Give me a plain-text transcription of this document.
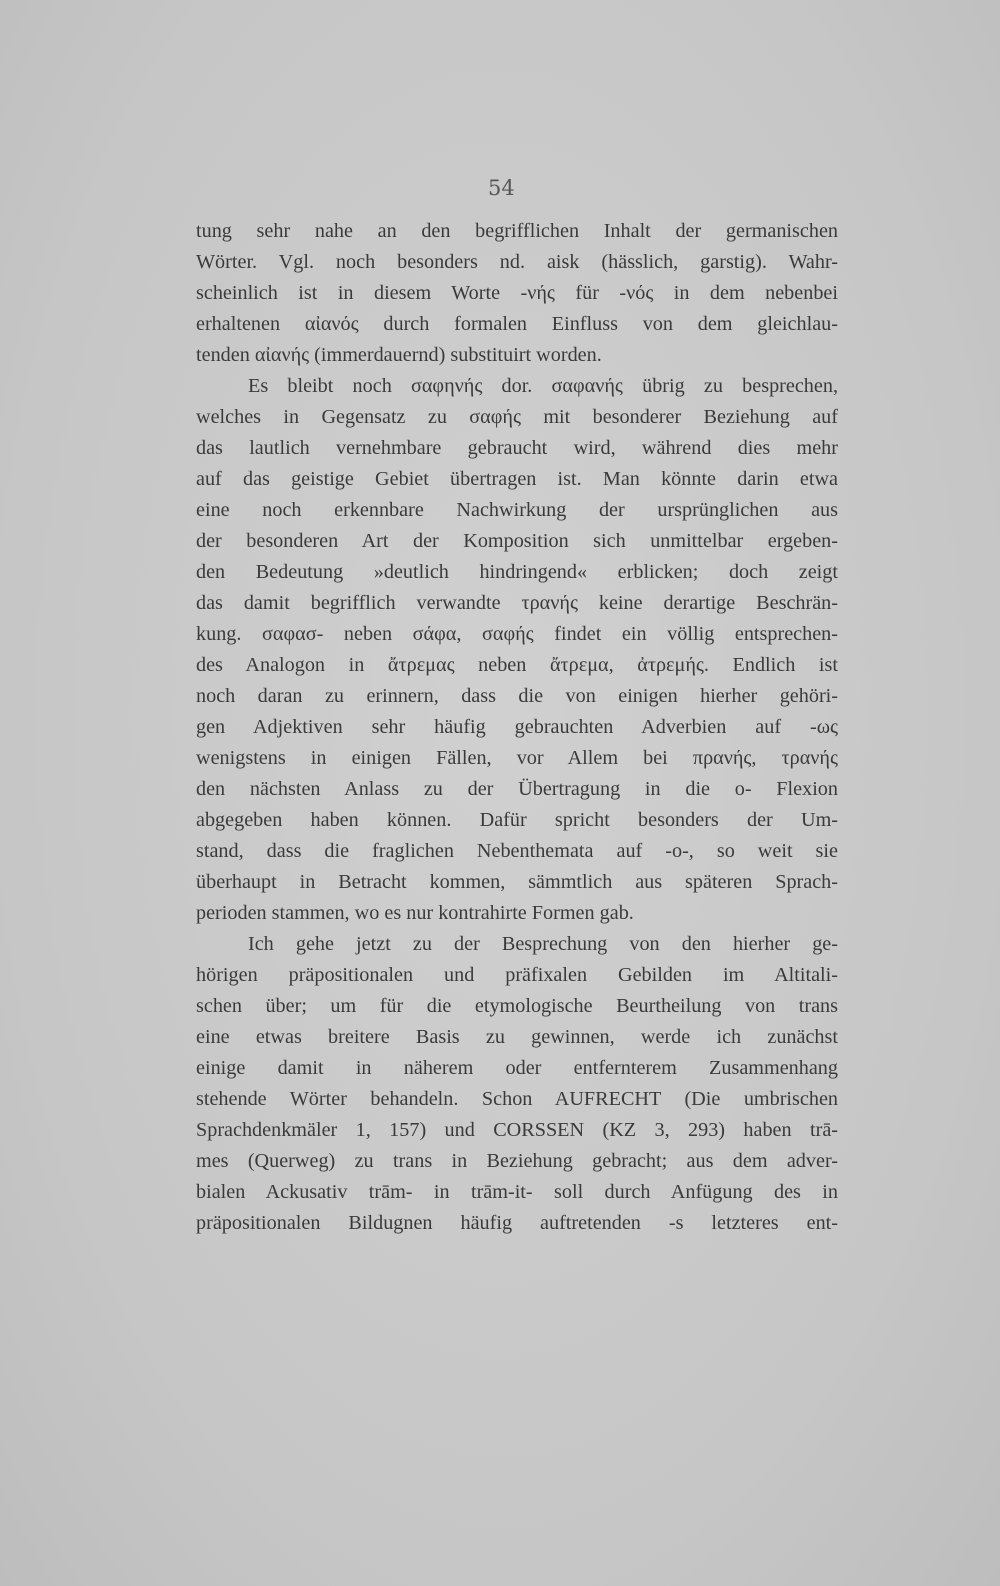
54
tung sehr nahe an den begrifflichen Inhalt der germanischen
Wörter. Vgl. noch besonders nd. aisk (hässlich, garstig). Wahr-
scheinlich ist in diesem Worte -νής für -νός in dem nebenbei
erhaltenen αἰανός durch formalen Einfluss von dem gleichlau-
tenden αἰανής (immerdauernd) substituirt worden.
Es bleibt noch σαφηνής dor. σαφανής übrig zu besprechen,
welches in Gegensatz zu σαφής mit besonderer Beziehung auf
das lautlich vernehmbare gebraucht wird, während dies mehr
auf das geistige Gebiet übertragen ist. Man könnte darin etwa
eine noch erkennbare Nachwirkung der ursprünglichen aus
der besonderen Art der Komposition sich unmittelbar ergeben-
den Bedeutung »deutlich hindringend« erblicken; doch zeigt
das damit begrifflich verwandte τρανής keine derartige Beschrän-
kung. σαφασ- neben σάφα, σαφής findet ein völlig entsprechen-
des Analogon in ἄτρεμας neben ἄτρεμα, ἀτρεμής. Endlich ist
noch daran zu erinnern, dass die von einigen hierher gehöri-
gen Adjektiven sehr häufig gebrauchten Adverbien auf -ως
wenigstens in einigen Fällen, vor Allem bei πρανής, τρανής
den nächsten Anlass zu der Übertragung in die o- Flexion
abgegeben haben können. Dafür spricht besonders der Um-
stand, dass die fraglichen Nebenthemata auf -o-, so weit sie
überhaupt in Betracht kommen, sämmtlich aus späteren Sprach-
perioden stammen, wo es nur kontrahirte Formen gab.
Ich gehe jetzt zu der Besprechung von den hierher ge-
hörigen präpositionalen und präfixalen Gebilden im Altitali-
schen über; um für die etymologische Beurtheilung von trans
eine etwas breitere Basis zu gewinnen, werde ich zunächst
einige damit in näherem oder entfernterem Zusammenhang
stehende Wörter behandeln. Schon AUFRECHT (Die umbrischen
Sprachdenkmäler 1, 157) und CORSSEN (KZ 3, 293) haben trā-
mes (Querweg) zu trans in Beziehung gebracht; aus dem adver-
bialen Ackusativ trām- in trām-it- soll durch Anfügung des in
präpositionalen Bildugnen häufig auftretenden -s letzteres ent-
